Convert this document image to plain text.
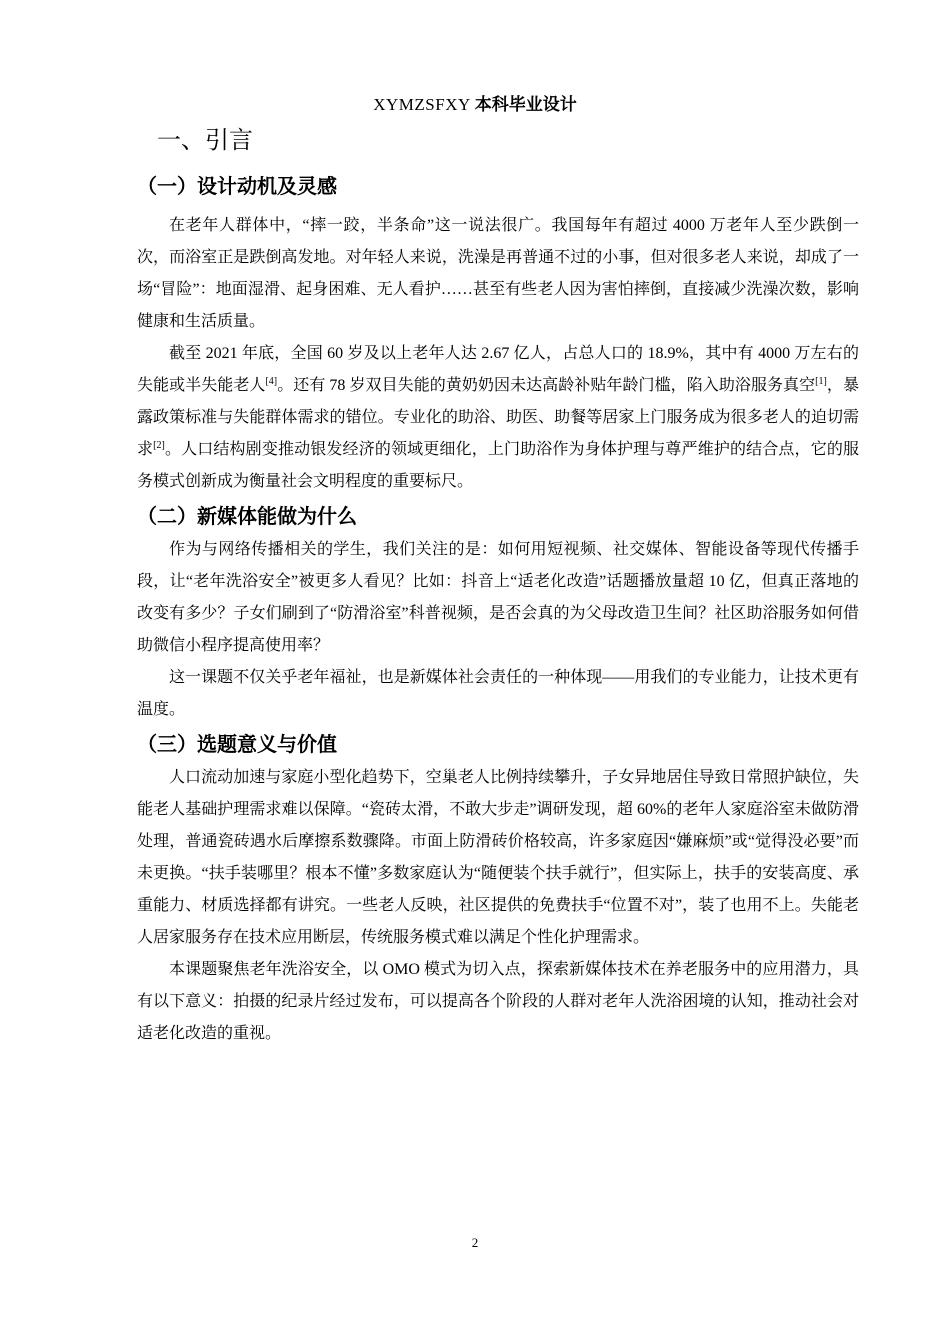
XYMZSFXY 本科毕业设计
一、引言
（一）设计动机及灵感

在老年人群体中，“摔一跤，半条命”这一说法很广。我国每年有超过 4000 万老年人至少跌倒一次，而浴室正是跌倒高发地。对年轻人来说，洗澡是再普通不过的小事，但对很多老人来说，却成了一场“冒险”：地面湿滑、起身困难、无人看护……甚至有些老人因为害怕摔倒，直接减少洗澡次数，影响健康和生活质量。

截至 2021 年底，全国 60 岁及以上老年人达 2.67 亿人，占总人口的 18.9%，其中有 4000 万左右的失能或半失能老人[4]。还有 78 岁双目失能的黄奶奶因未达高龄补贴年龄门槛，陷入助浴服务真空[1]，暴露政策标准与失能群体需求的错位。专业化的助浴、助医、助餐等居家上门服务成为很多老人的迫切需求[2]。人口结构剧变推动银发经济的领域更细化，上门助浴作为身体护理与尊严维护的结合点，它的服务模式创新成为衡量社会文明程度的重要标尺。

（二）新媒体能做为什么

作为与网络传播相关的学生，我们关注的是：如何用短视频、社交媒体、智能设备等现代传播手段，让“老年洗浴安全”被更多人看见？比如：抖音上“适老化改造”话题播放量超 10 亿，但真正落地的改变有多少？子女们刷到了“防滑浴室”科普视频，是否会真的为父母改造卫生间？社区助浴服务如何借助微信小程序提高使用率？

这一课题不仅关乎老年福祉，也是新媒体社会责任的一种体现——用我们的专业能力，让技术更有温度。

（三）选题意义与价值

人口流动加速与家庭小型化趋势下，空巢老人比例持续攀升，子女异地居住导致日常照护缺位，失能老人基础护理需求难以保障。“瓷砖太滑，不敢大步走”调研发现，超 60%的老年人家庭浴室未做防滑处理，普通瓷砖遇水后摩擦系数骤降。市面上防滑砖价格较高，许多家庭因“嫌麻烦”或“觉得没必要”而未更换。“扶手装哪里？根本不懂”多数家庭认为“随便装个扶手就行”，但实际上，扶手的安装高度、承重能力、材质选择都有讲究。一些老人反映，社区提供的免费扶手“位置不对”，装了也用不上。失能老人居家服务存在技术应用断层，传统服务模式难以满足个性化护理需求。

本课题聚焦老年洗浴安全，以 OMO 模式为切入点，探索新媒体技术在养老服务中的应用潜力，具有以下意义：拍摄的纪录片经过发布，可以提高各个阶段的人群对老年人洗浴困境的认知，推动社会对适老化改造的重视。

2
